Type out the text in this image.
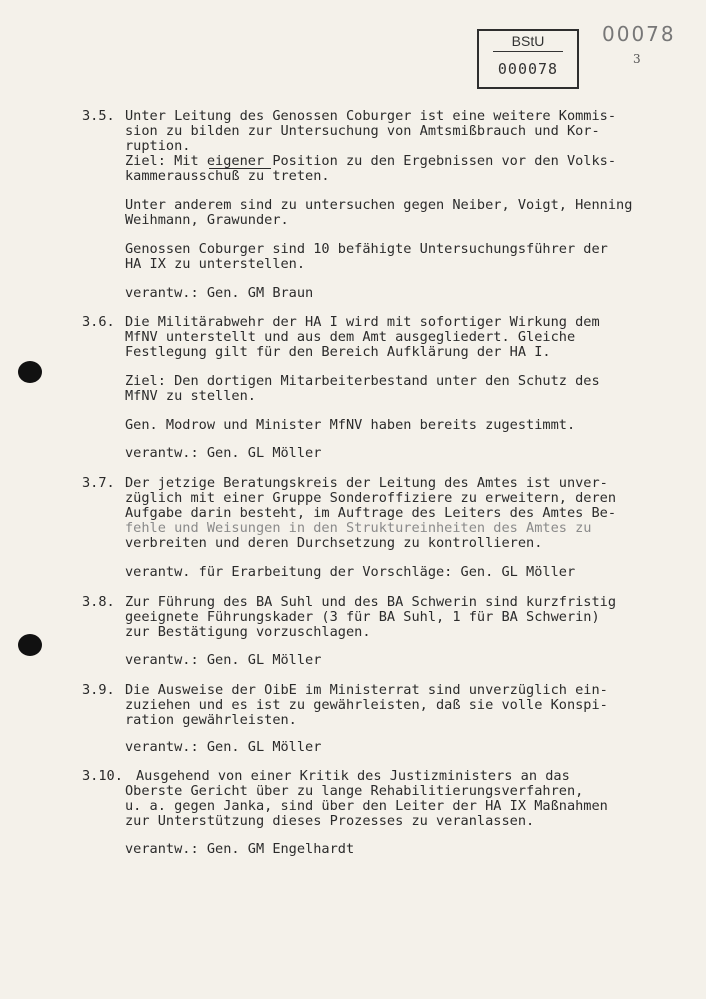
BStU
000078
00078
3
3.5. Unter Leitung des Genossen Coburger ist eine weitere Kommis-
sion zu bilden zur Untersuchung von Amtsmißbrauch und Kor-
ruption.
Ziel: Mit eigener Position zu den Ergebnissen vor den Volks-
kammerausschuß zu treten.
Unter anderem sind zu untersuchen gegen Neiber, Voigt, Henning
Weihmann, Grawunder.
Genossen Coburger sind 10 befähigte Untersuchungsführer der
HA IX zu unterstellen.
verantw.: Gen. GM Braun
3.6. Die Militärabwehr der HA I wird mit sofortiger Wirkung dem
MfNV unterstellt und aus dem Amt ausgegliedert. Gleiche
Festlegung gilt für den Bereich Aufklärung der HA I.
Ziel: Den dortigen Mitarbeiterbestand unter den Schutz des
MfNV zu stellen.
Gen. Modrow und Minister MfNV haben bereits zugestimmt.
verantw.: Gen. GL Möller
3.7. Der jetzige Beratungskreis der Leitung des Amtes ist unver-
züglich mit einer Gruppe Sonderoffiziere zu erweitern, deren
Aufgabe darin besteht, im Auftrage des Leiters des Amtes Be-
fehle und Weisungen in den Struktureinheiten des Amtes zu
verbreiten und deren Durchsetzung zu kontrollieren.
verantw. für Erarbeitung der Vorschläge: Gen. GL Möller
3.8. Zur Führung des BA Suhl und des BA Schwerin sind kurzfristig
geeignete Führungskader (3 für BA Suhl, 1 für BA Schwerin)
zur Bestätigung vorzuschlagen.
verantw.: Gen. GL Möller
3.9. Die Ausweise der OibE im Ministerrat sind unverzüglich ein-
zuziehen und es ist zu gewährleisten, daß sie volle Konspi-
ration gewährleisten.
verantw.: Gen. GL Möller
3.10. Ausgehend von einer Kritik des Justizministers an das
Oberste Gericht über zu lange Rehabilitierungsverfahren,
u. a. gegen Janka, sind über den Leiter der HA IX Maßnahmen
zur Unterstützung dieses Prozesses zu veranlassen.
verantw.: Gen. GM Engelhardt
